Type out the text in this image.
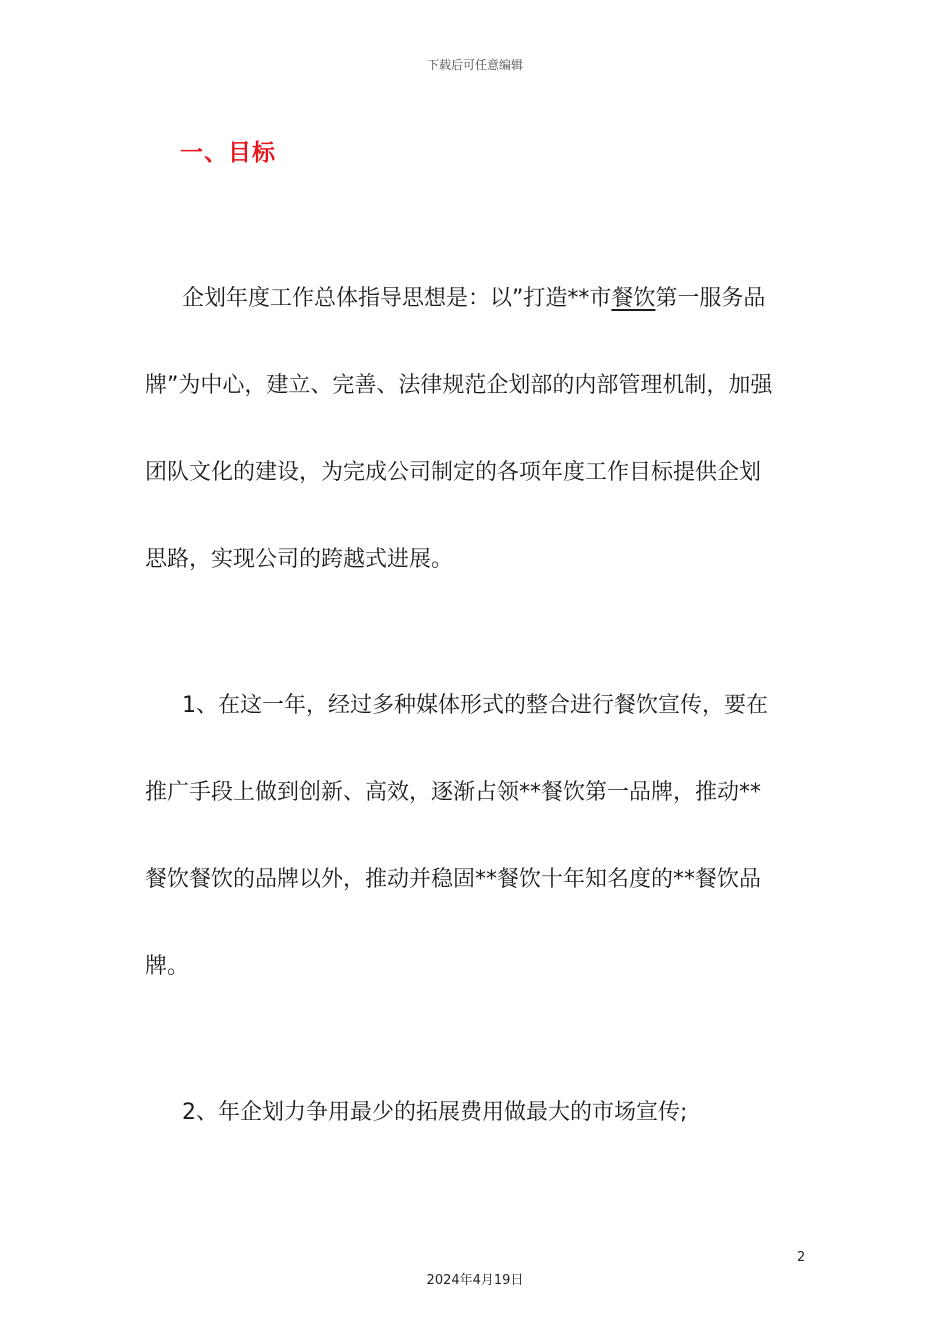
下载后可任意编辑
一、目标
企划年度工作总体指导思想是：以”打造**市餐饮第一服务品
牌”为中心，建立、完善、法律规范企划部的内部管理机制，加强
团队文化的建设，为完成公司制定的各项年度工作目标提供企划
思路，实现公司的跨越式进展。
1、在这一年，经过多种媒体形式的整合进行餐饮宣传，要在
推广手段上做到创新、高效，逐渐占领**餐饮第一品牌，推动**
餐饮餐饮的品牌以外，推动并稳固**餐饮十年知名度的**餐饮品
牌。
2、年企划力争用最少的拓展费用做最大的市场宣传;
2
2024年4月19日
